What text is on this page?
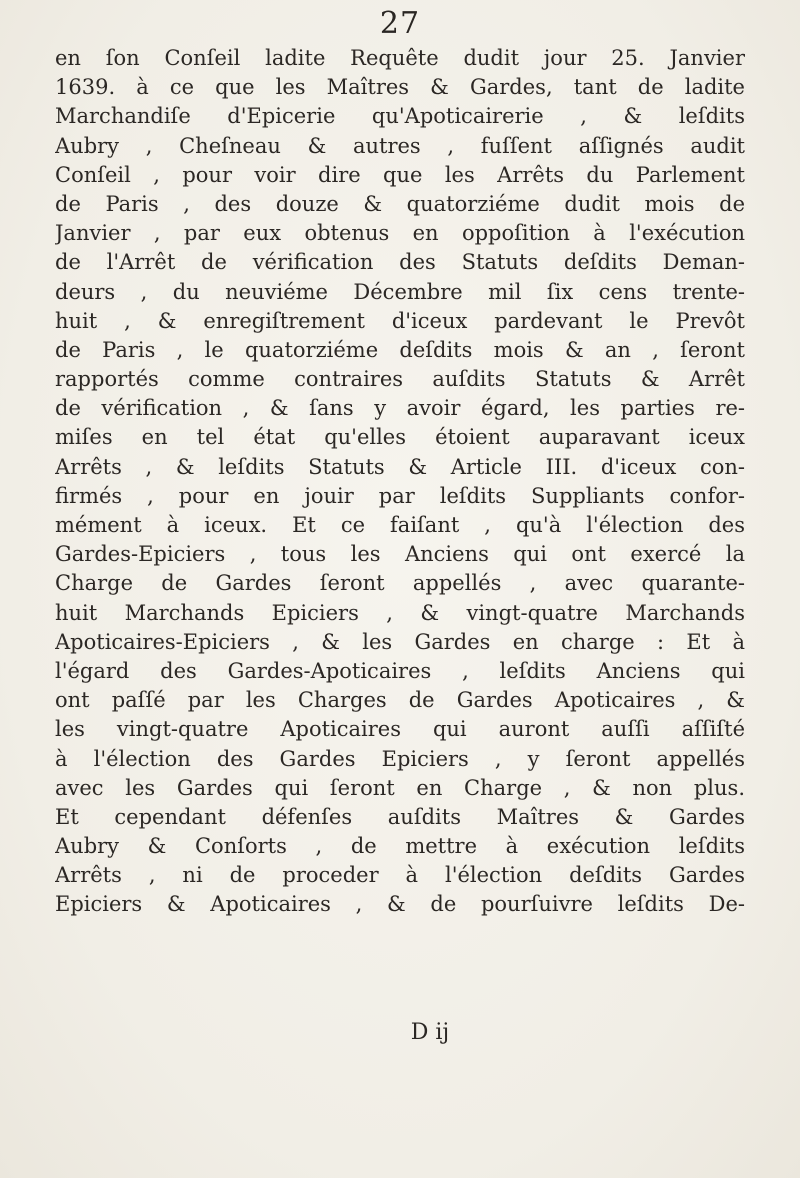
27
en ſon Conſeil ladite Requête dudit jour 25. Janvier
1639. à ce que les Maîtres & Gardes, tant de ladite
Marchandiſe d'Epicerie qu'Apoticairerie , & leſdits
Aubry , Cheſneau & autres , fuſſent aſſignés audit
Conſeil , pour voir dire que les Arrêts du Parlement
de Paris , des douze & quatorziéme dudit mois de
Janvier , par eux obtenus en oppoſition à l'exécution
de l'Arrêt de vérification des Statuts deſdits Deman-
deurs , du neuviéme Décembre mil ſix cens trente-
huit , & enregiſtrement d'iceux pardevant le Prevôt
de Paris , le quatorziéme deſdits mois & an , ſeront
rapportés comme contraires auſdits Statuts & Arrêt
de vérification , & ſans y avoir égard, les parties re-
miſes en tel état qu'elles étoient auparavant iceux
Arrêts , & leſdits Statuts & Article III. d'iceux con-
firmés , pour en jouir par leſdits Suppliants confor-
mément à iceux. Et ce faiſant , qu'à l'élection des
Gardes-Epiciers , tous les Anciens qui ont exercé la
Charge de Gardes ſeront appellés , avec quarante-
huit Marchands Epiciers , & vingt-quatre Marchands
Apoticaires-Epiciers , & les Gardes en charge : Et à
l'égard des Gardes-Apoticaires , leſdits Anciens qui
ont paſſé par les Charges de Gardes Apoticaires , &
les vingt-quatre Apoticaires qui auront auſſi aſſiſté
à l'élection des Gardes Epiciers , y ſeront appellés
avec les Gardes qui ſeront en Charge , & non plus.
Et cependant défenſes auſdits Maîtres & Gardes
Aubry & Conſorts , de mettre à exécution leſdits
Arrêts , ni de proceder à l'élection deſdits Gardes
Epiciers & Apoticaires , & de pourſuivre leſdits De-
D ij
